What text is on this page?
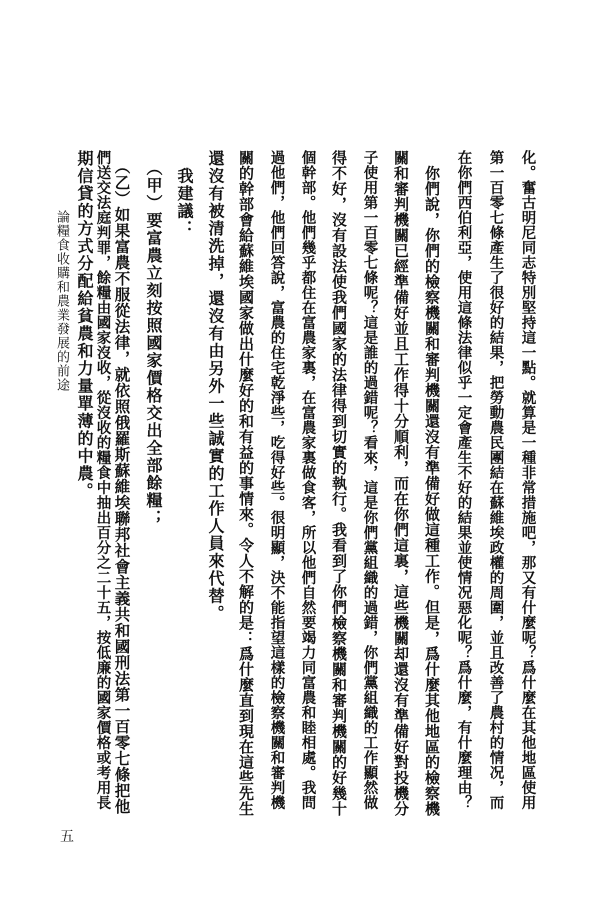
化。奮古明尼同志特別堅持這一點。就算是一種非常措施吧，那又有什麼呢？爲什麼在其他地區使用
第一百零七條產生了很好的結果，把勞動農民團結在蘇維埃政權的周圍，並且改善了農村的情况，而
在你們西伯利亞，使用這條法律似乎一定會產生不好的結果並使情况惡化呢？爲什麼，有什麼理由？
　你們說，你們的檢察機關和審判機關還沒有準備好做這種工作。但是，爲什麼其他地區的檢察機
關和審判機關已經準備好並且工作得十分順利，而在你們這裏，這些機關却還沒有準備好對投機分
子使用第一百零七條呢？這是誰的過錯呢？看來，這是你們黨組織的過錯，你們黨組織的工作顯然做
得不好，沒有設法使我們國家的法律得到切實的執行。我看到了你們檢察機關和審判機關的好幾十
個幹部。他們幾乎都住在富農家裏，在富農家裏做食客，所以他們自然要竭力同富農和睦相處。我問
過他們，他們回答說，富農的住宅乾淨些，吃得好些。很明顯，決不能指望這樣的檢察機關和審判機
關的幹部會給蘇維埃國家做出什麼好的和有益的事情來。令人不解的是：爲什麼直到現在這些先生
還沒有被清洗掉，還沒有由另外一些誠實的工作人員來代替。
　我建議：
　（甲）要富農立刻按照國家價格交出全部餘糧；
　（乙）如果富農不服從法律，就依照俄羅斯蘇維埃聯邦社會主義共和國刑法第一百零七條把他
們送交法庭判罪，餘糧由國家沒收，從沒收的糧食中抽出百分之二十五，按低廉的國家價格或考用長
期信貸的方式分配給貧農和力量單薄的中農。
論糧食收購和農業發展的前途
五
